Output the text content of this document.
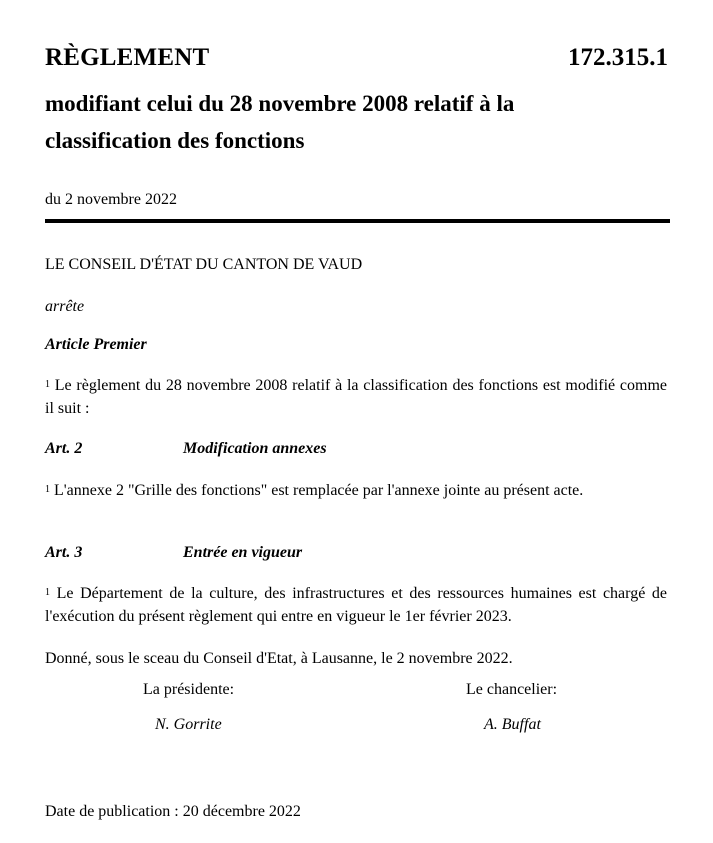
RÈGLEMENT	172.315.1
modifiant celui du 28 novembre 2008 relatif à la
classification des fonctions
du 2 novembre 2022
LE CONSEIL D'ÉTAT DU CANTON DE VAUD
arrête
Article Premier
$^1$ Le règlement du 28 novembre 2008 relatif à la classification des fonctions est modifié comme il suit :
Art. 2	Modification annexes
$^1$ L'annexe 2 "Grille des fonctions" est remplacée par l'annexe jointe au présent acte.
Art. 3	Entrée en vigueur
$^1$ Le Département de la culture, des infrastructures et des ressources humaines est chargé de l'exécution du présent règlement qui entre en vigueur le 1er février 2023.
Donné, sous le sceau du Conseil d'Etat, à Lausanne, le 2 novembre 2022.
La présidente:	Le chancelier:
N. Gorrite	A. Buffat
Date de publication : 20 décembre 2022
